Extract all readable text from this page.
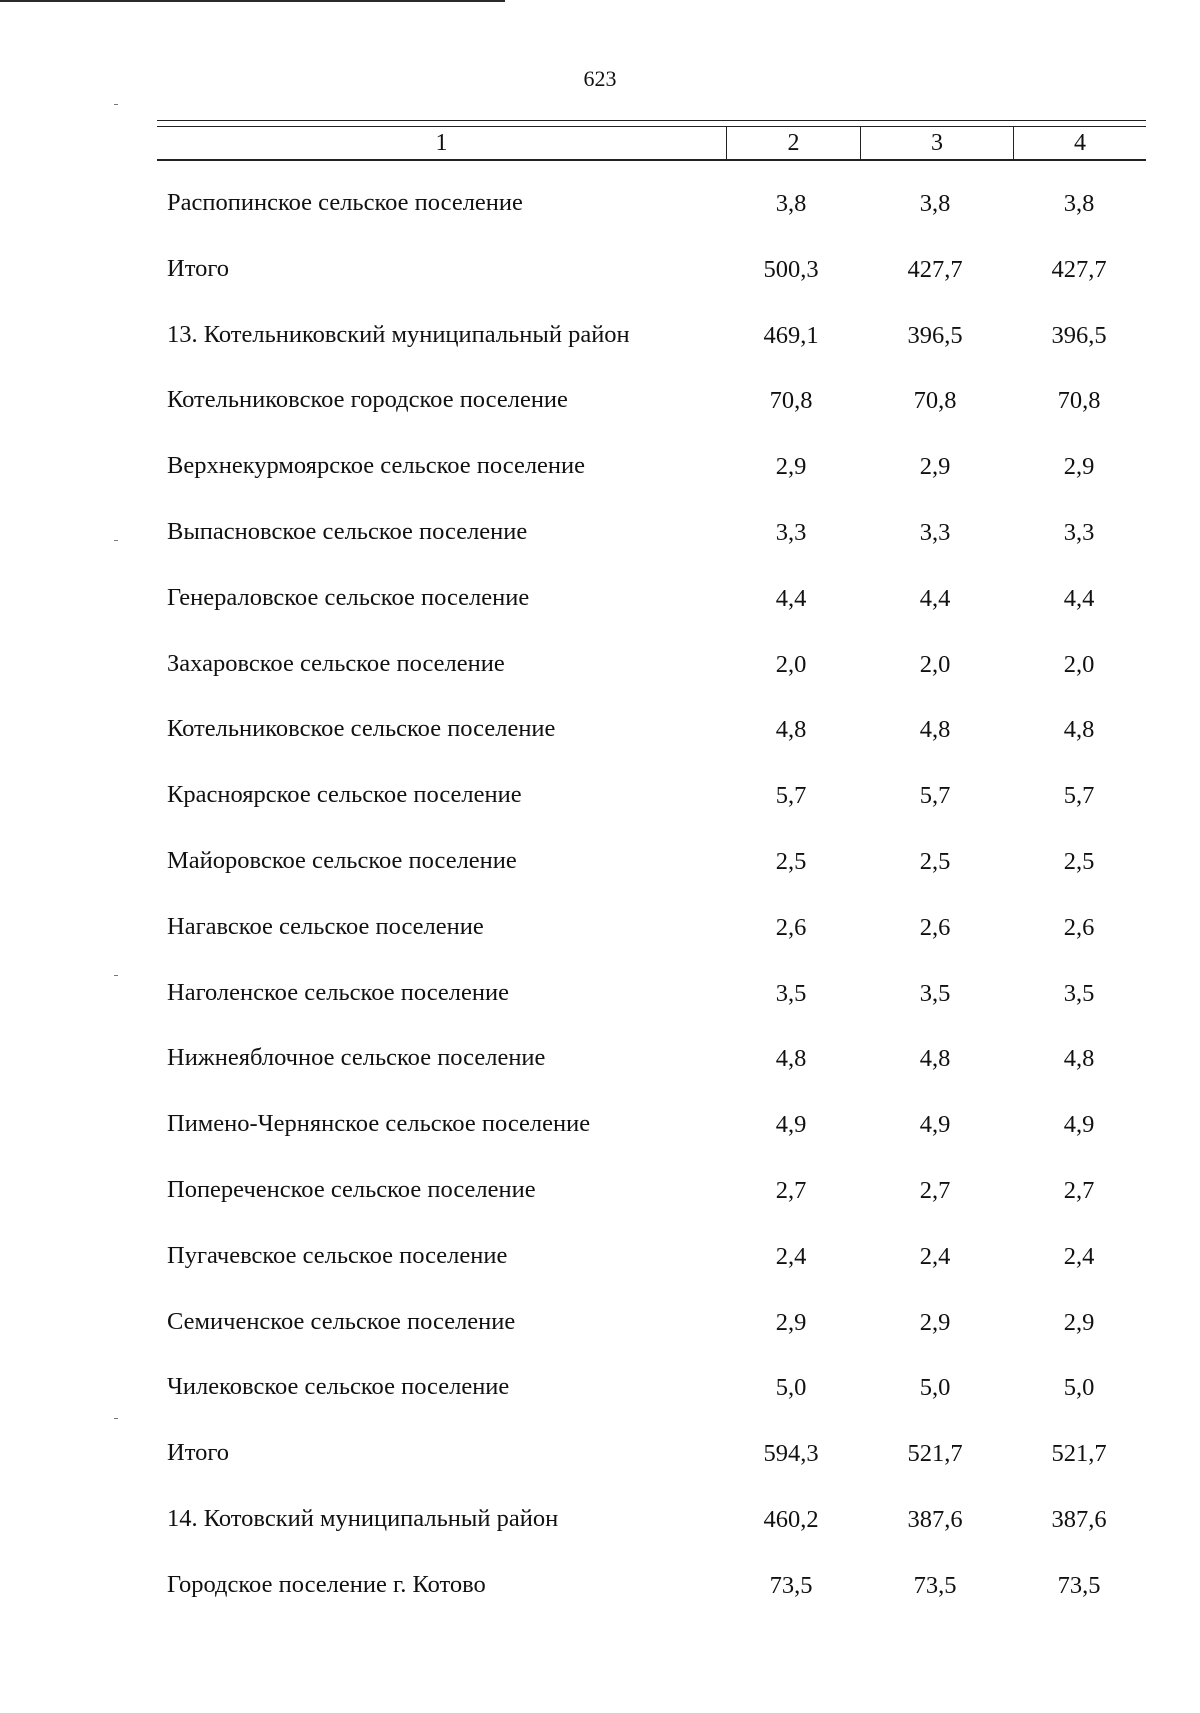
623
1	2	3	4
Распопинское сельское поселение	3,8	3,8	3,8
Итого	500,3	427,7	427,7
13. Котельниковский муниципальный район	469,1	396,5	396,5
Котельниковское городское поселение	70,8	70,8	70,8
Верхнекурмоярское сельское поселение	2,9	2,9	2,9
Выпасновское сельское поселение	3,3	3,3	3,3
Генераловское сельское поселение	4,4	4,4	4,4
Захаровское сельское поселение	2,0	2,0	2,0
Котельниковское сельское поселение	4,8	4,8	4,8
Красноярское сельское поселение	5,7	5,7	5,7
Майоровское сельское поселение	2,5	2,5	2,5
Нагавское сельское поселение	2,6	2,6	2,6
Наголенское сельское поселение	3,5	3,5	3,5
Нижнеяблочное сельское поселение	4,8	4,8	4,8
Пимено-Чернянское сельское поселение	4,9	4,9	4,9
Попереченское сельское поселение	2,7	2,7	2,7
Пугачевское сельское поселение	2,4	2,4	2,4
Семиченское сельское поселение	2,9	2,9	2,9
Чилековское сельское поселение	5,0	5,0	5,0
Итого	594,3	521,7	521,7
14. Котовский муниципальный район	460,2	387,6	387,6
Городское поселение г. Котово	73,5	73,5	73,5
